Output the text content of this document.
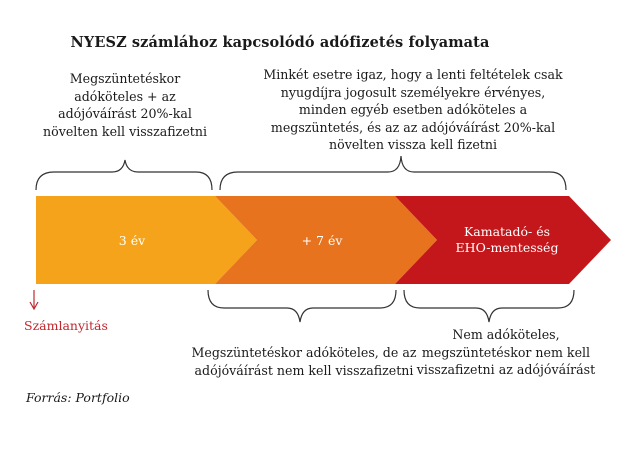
NYESZ számlához kapcsolódó adófizetés folyamata
Megszüntetéskor
adóköteles + az
adójóváírást 20%-kal
növelten kell visszafizetni
Minkét esetre igaz, hogy a lenti feltételek csak
nyugdíjra jogosult személyekre érvényes,
minden egyéb esetben adóköteles a
megszüntetés, és az az adójóváírást 20%-kal
növelten vissza kell fizetni
3 év	+ 7 év
Kamatadó- és EHO-mentesség
Számlanyitás
Megszüntetéskor adóköteles, de az
adójóváírást nem kell visszafizetni
Nem adóköteles,
megszüntetéskor nem kell
visszafizetni az adójóváírást
Forrás: Portfolio
